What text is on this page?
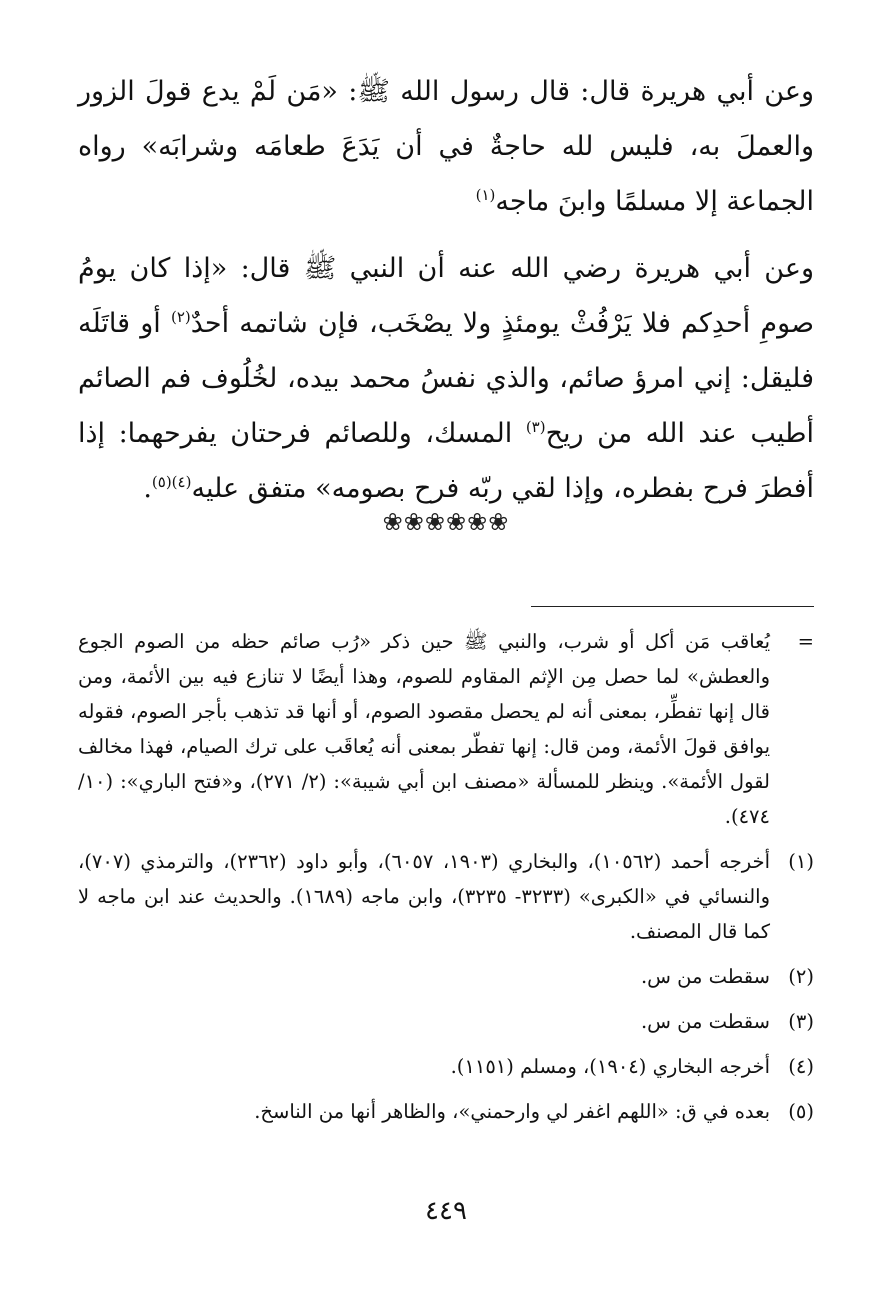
وعن أبي هريرة قال: قال رسول الله ﷺ: «مَن لَمْ يدع قولَ الزور والعملَ به، فليس لله حاجةٌ في أن يَدَعَ طعامَه وشرابَه» رواه الجماعة إلا مسلمًا وابنَ ماجه$^{(١)}$

وعن أبي هريرة رضي الله عنه أن النبي ﷺ قال: «إذا كان يومُ صومِ أحدِكم فلا يَرْفُثْ يومئذٍ ولا يصْخَب، فإن شاتمه أحدٌ$^{(٢)}$ أو قاتَلَه فليقل: إني امرؤ صائم، والذي نفسُ محمد بيده، لخُلُوف فم الصائم أطيب عند الله من ريح$^{(٣)}$ المسك، وللصائم فرحتان يفرحهما: إذا أفطرَ فرح بفطره، وإذا لقي ربّه فرح بصومه» متفق عليه$^{(٤)(٥)}$.

❀❀❀❀❀❀
=
يُعاقب مَن أكل أو شرب، والنبي ﷺ حين ذكر «رُب صائم حظه من الصوم الجوع والعطش» لما حصل مِن الإثم المقاوم للصوم، وهذا أيضًا لا تنازع فيه بين الأئمة، ومن قال إنها تفطِّر، بمعنى أنه لم يحصل مقصود الصوم، أو أنها قد تذهب بأجر الصوم، فقوله يوافق قولَ الأئمة، ومن قال: إنها تفطّر بمعنى أنه يُعاقَب على ترك الصيام، فهذا مخالف لقول الأئمة». وينظر للمسألة «مصنف ابن أبي شيبة»: (٢/ ٢٧١)، و«فتح الباري»: (١٠/ ٤٧٤).
(١)
أخرجه أحمد (١٠٥٦٢)، والبخاري (١٩٠٣، ٦٠٥٧)، وأبو داود (٢٣٦٢)، والترمذي (٧٠٧)، والنسائي في «الكبرى» (٣٢٣٣- ٣٢٣٥)، وابن ماجه (١٦٨٩). والحديث عند ابن ماجه لا كما قال المصنف.
(٢)
سقطت من س.
(٣)
سقطت من س.
(٤)
أخرجه البخاري (١٩٠٤)، ومسلم (١١٥١).
(٥)
بعده في ق: «اللهم اغفر لي وارحمني»، والظاهر أنها من الناسخ.
٤٤٩
